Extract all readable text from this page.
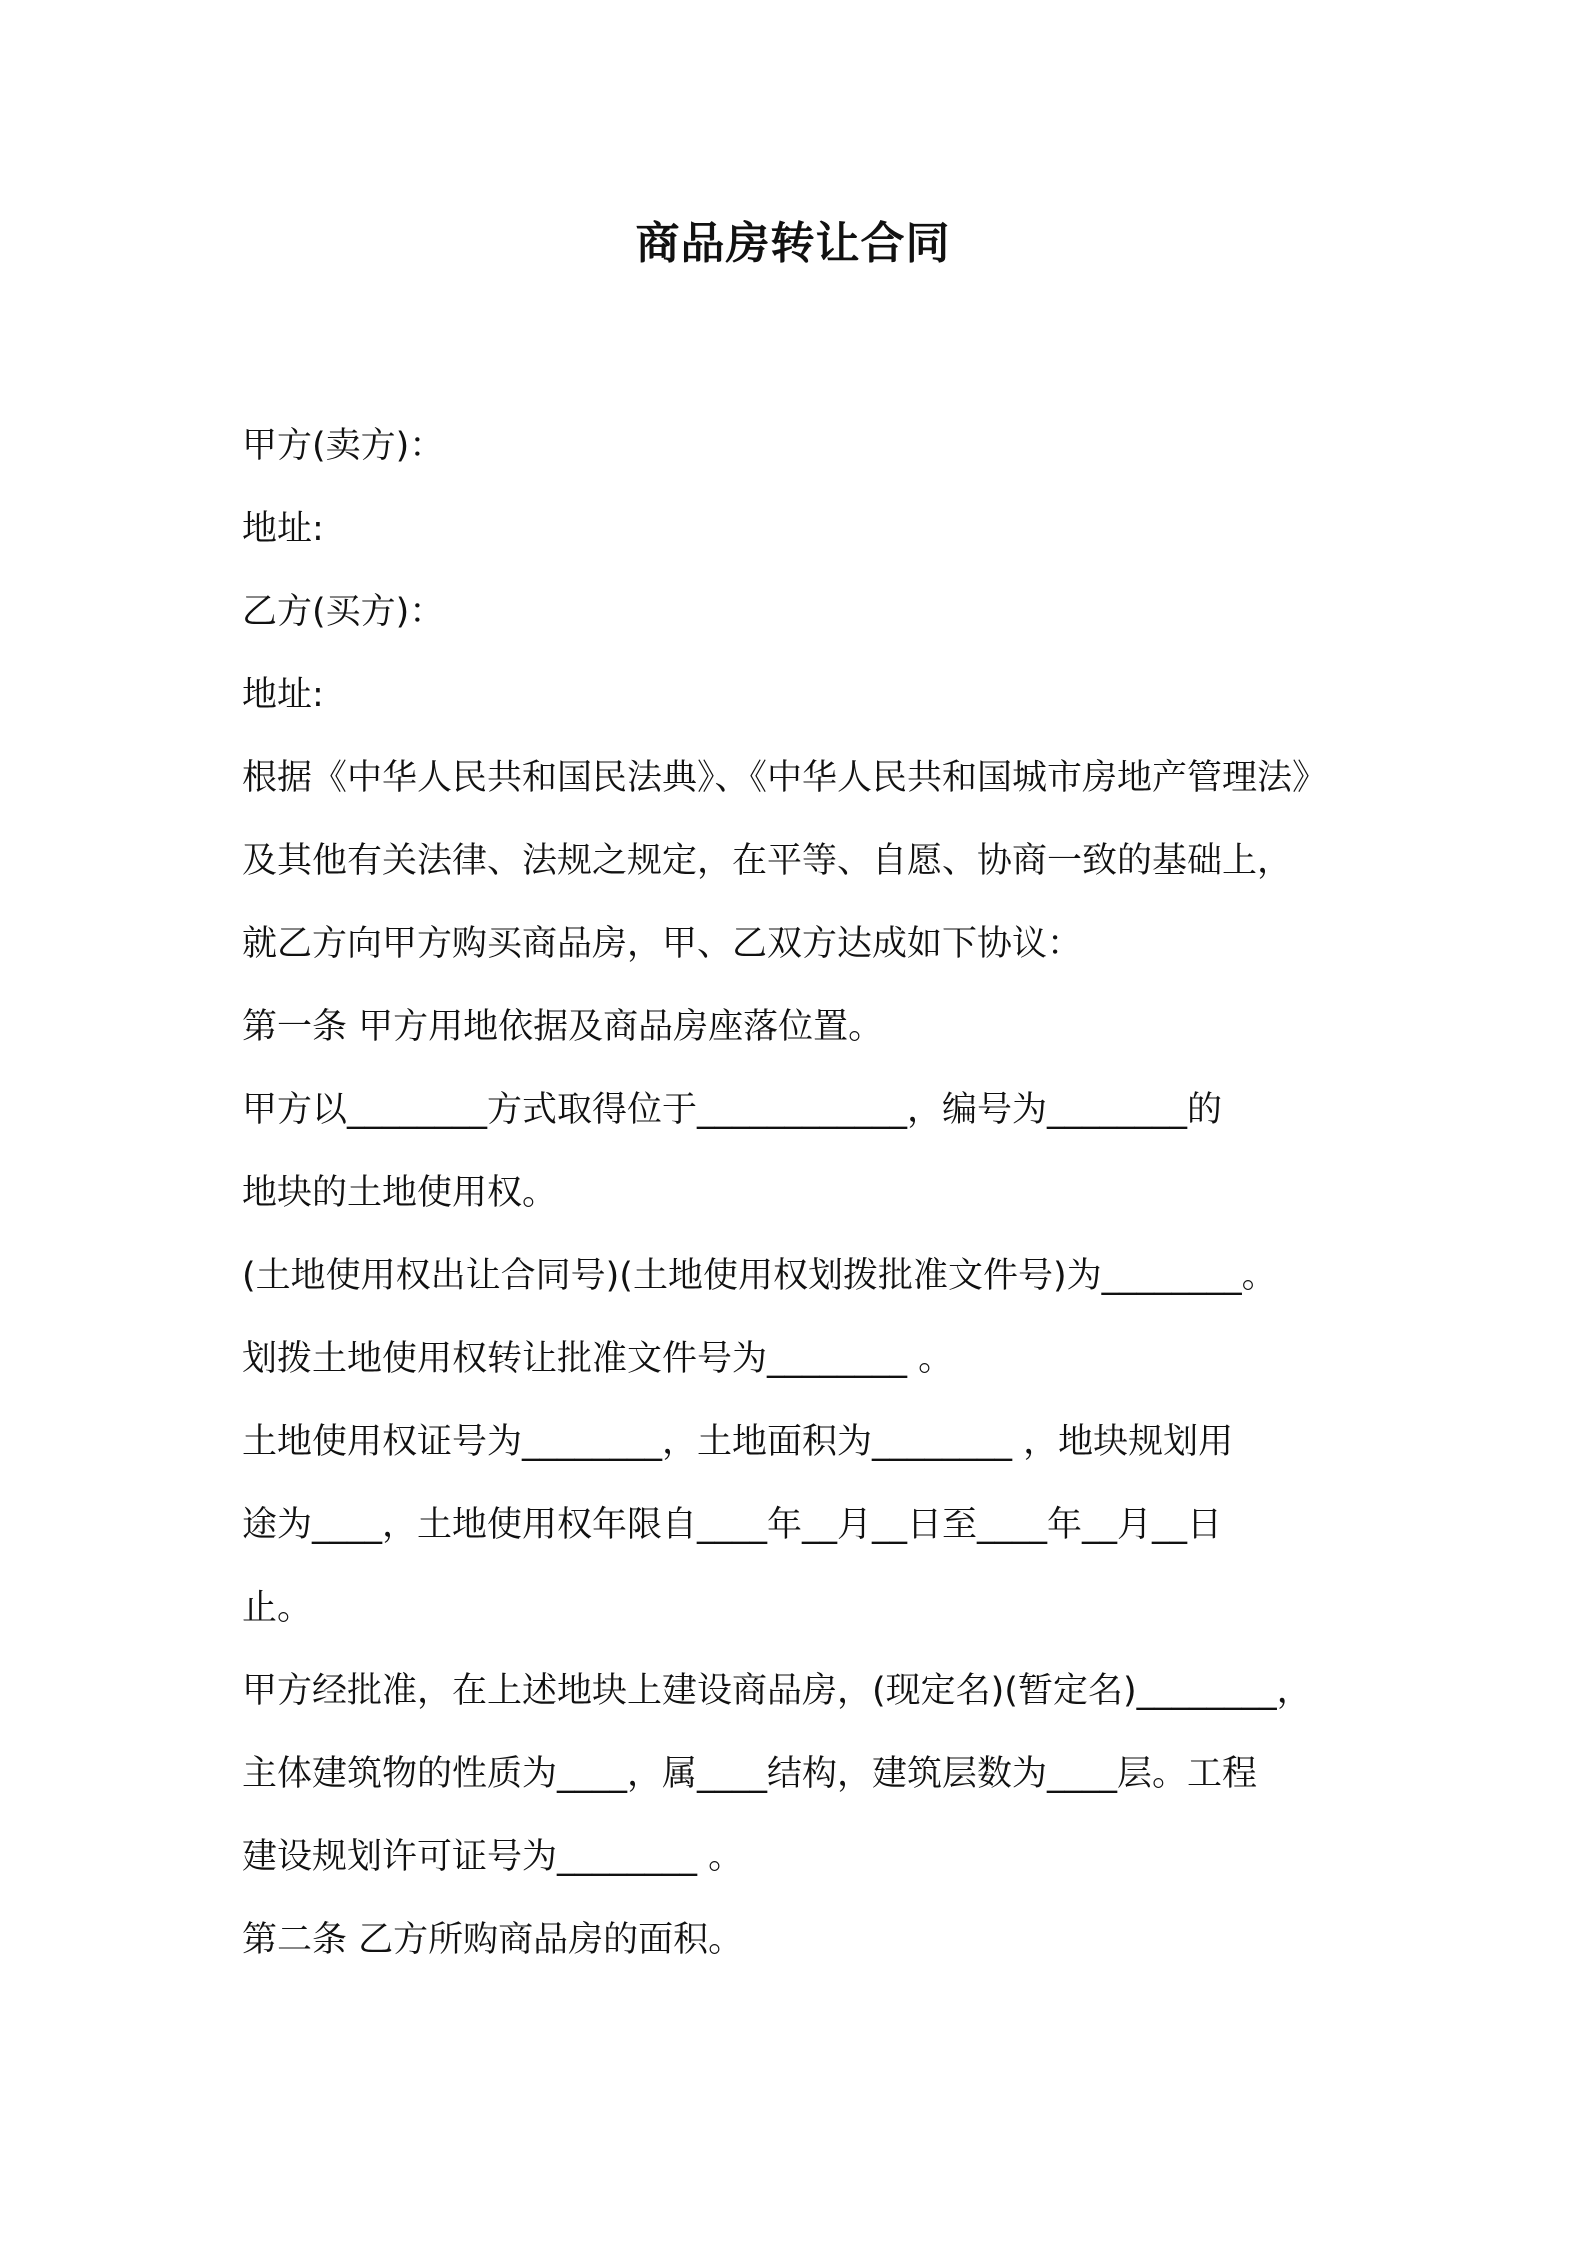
商品房转让合同
甲方(卖方)：
地址:
乙方(买方)：
地址:
根据《中华人民共和国民法典》、《中华人民共和国城市房地产管理法》
及其他有关法律、法规之规定，在平等、自愿、协商一致的基础上，
就乙方向甲方购买商品房，甲、乙双方达成如下协议：
第一条 甲方用地依据及商品房座落位置。
甲方以________方式取得位于____________，编号为________的
地块的土地使用权。
(土地使用权出让合同号)(土地使用权划拨批准文件号)为________。
划拨土地使用权转让批准文件号为________ 。
土地使用权证号为________，土地面积为________ ，地块规划用
途为____，土地使用权年限自____年__月__日至____年__月__日
止。
甲方经批准，在上述地块上建设商品房，(现定名)(暂定名)________，
主体建筑物的性质为____，属____结构，建筑层数为____层。工程
建设规划许可证号为________ 。
第二条 乙方所购商品房的面积。
